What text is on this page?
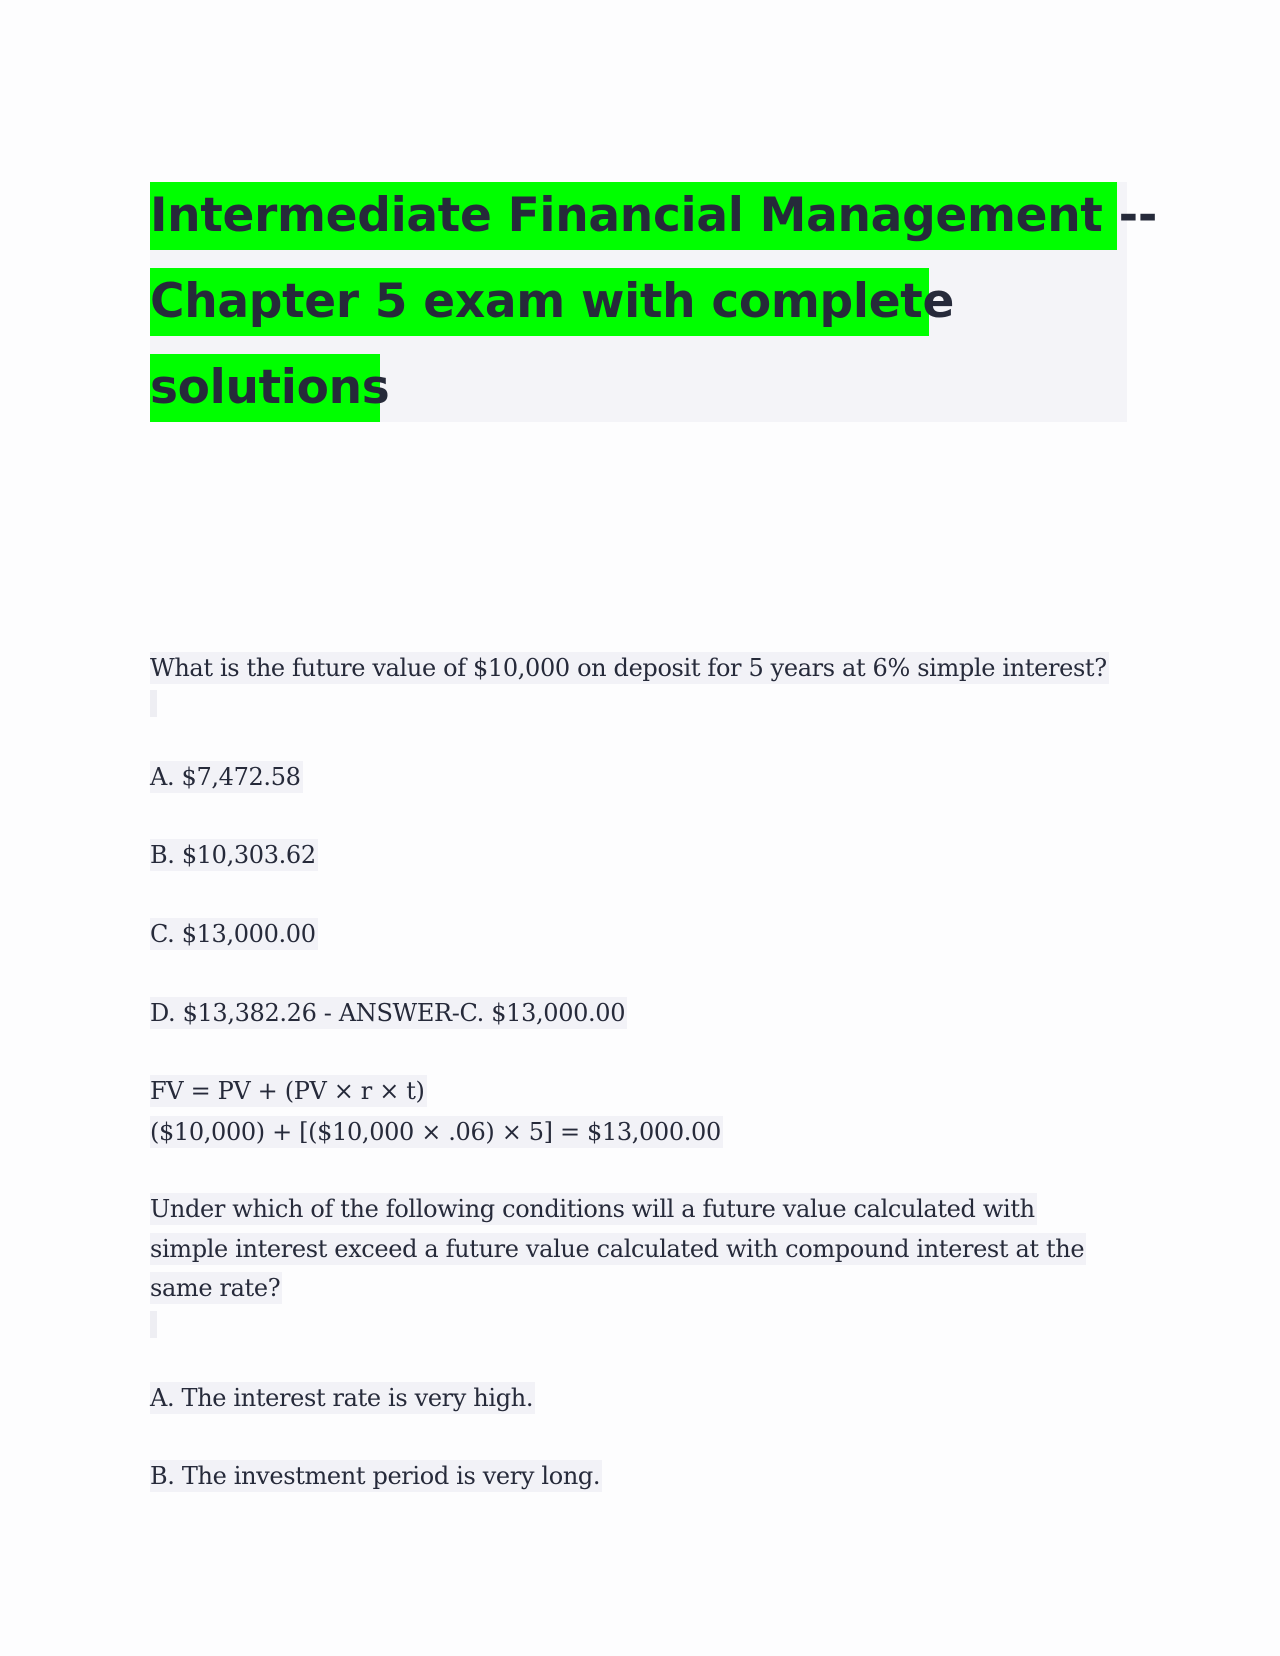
Intermediate Financial Management --
Chapter 5 exam with complete
solutions
What is the future value of $10,000 on deposit for 5 years at 6% simple interest?
A. $7,472.58
B. $10,303.62
C. $13,000.00
D. $13,382.26 - ANSWER-C. $13,000.00
FV = PV + (PV × r × t)
($10,000) + [($10,000 × .06) × 5] = $13,000.00
Under which of the following conditions will a future value calculated with
simple interest exceed a future value calculated with compound interest at the
same rate?
A. The interest rate is very high.
B. The investment period is very long.
